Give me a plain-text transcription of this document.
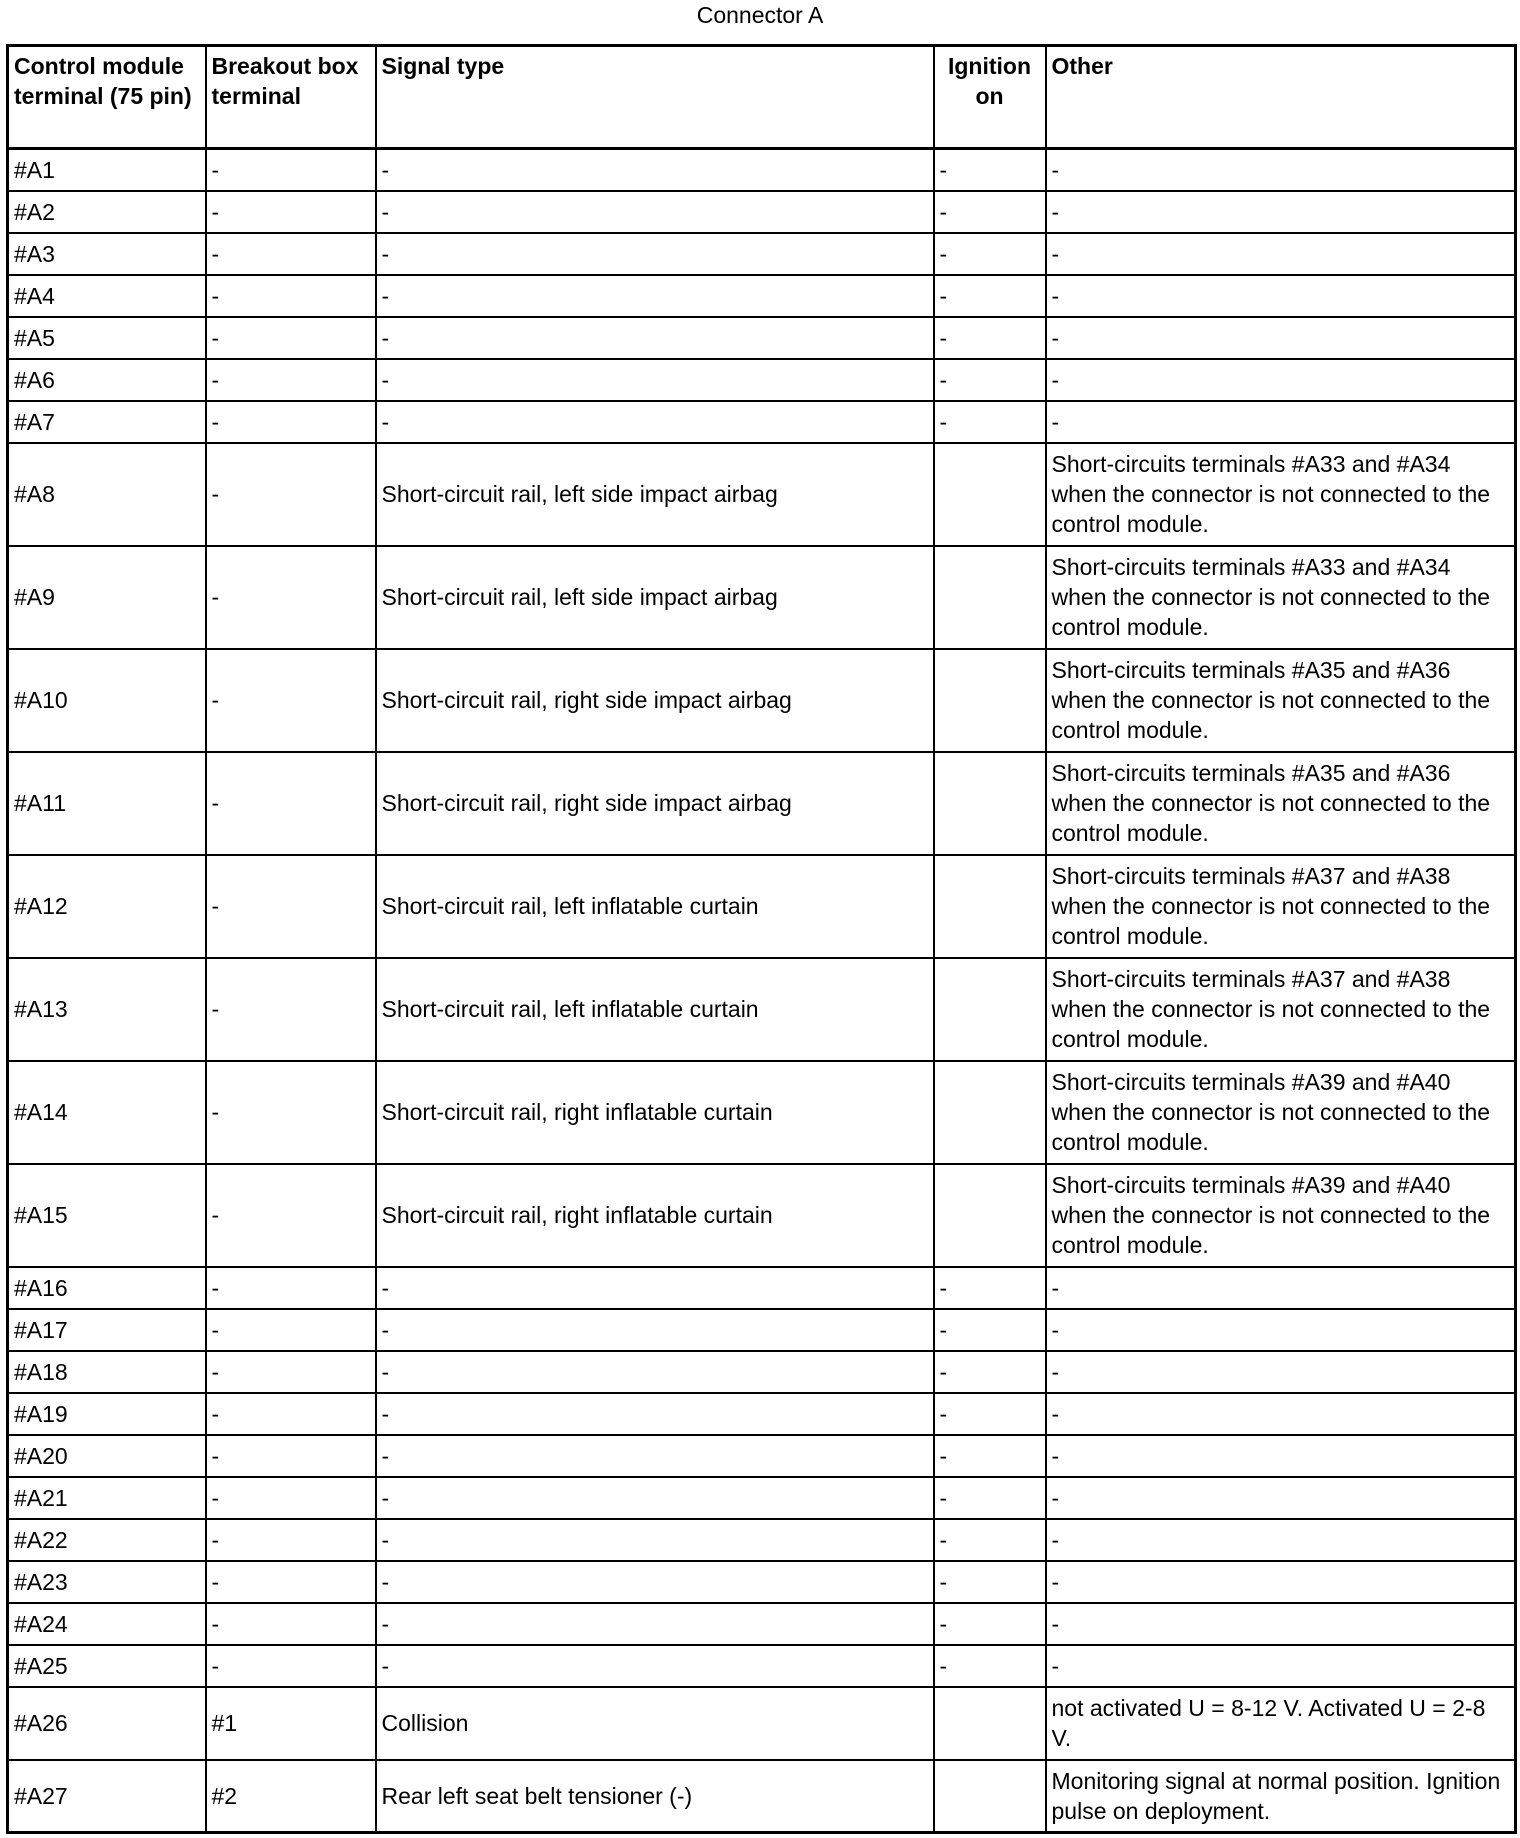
Connector A
Control module terminal (75 pin)	Breakout box terminal	Signal type	Ignition on	Other
#A1	-	-	-	-
#A2	-	-	-	-
#A3	-	-	-	-
#A4	-	-	-	-
#A5	-	-	-	-
#A6	-	-	-	-
#A7	-	-	-	-
#A8	-	Short-circuit rail, left side impact airbag		Short-circuits terminals #A33 and #A34 when the connector is not connected to the control module.
#A9	-	Short-circuit rail, left side impact airbag		Short-circuits terminals #A33 and #A34 when the connector is not connected to the control module.
#A10	-	Short-circuit rail, right side impact airbag		Short-circuits terminals #A35 and #A36 when the connector is not connected to the control module.
#A11	-	Short-circuit rail, right side impact airbag		Short-circuits terminals #A35 and #A36 when the connector is not connected to the control module.
#A12	-	Short-circuit rail, left inflatable curtain		Short-circuits terminals #A37 and #A38 when the connector is not connected to the control module.
#A13	-	Short-circuit rail, left inflatable curtain		Short-circuits terminals #A37 and #A38 when the connector is not connected to the control module.
#A14	-	Short-circuit rail, right inflatable curtain		Short-circuits terminals #A39 and #A40 when the connector is not connected to the control module.
#A15	-	Short-circuit rail, right inflatable curtain		Short-circuits terminals #A39 and #A40 when the connector is not connected to the control module.
#A16	-	-	-	-
#A17	-	-	-	-
#A18	-	-	-	-
#A19	-	-	-	-
#A20	-	-	-	-
#A21	-	-	-	-
#A22	-	-	-	-
#A23	-	-	-	-
#A24	-	-	-	-
#A25	-	-	-	-
#A26	#1	Collision		not activated U = 8-12 V. Activated U = 2-8 V.
#A27	#2	Rear left seat belt tensioner (-)		Monitoring signal at normal position. Ignition pulse on deployment.
